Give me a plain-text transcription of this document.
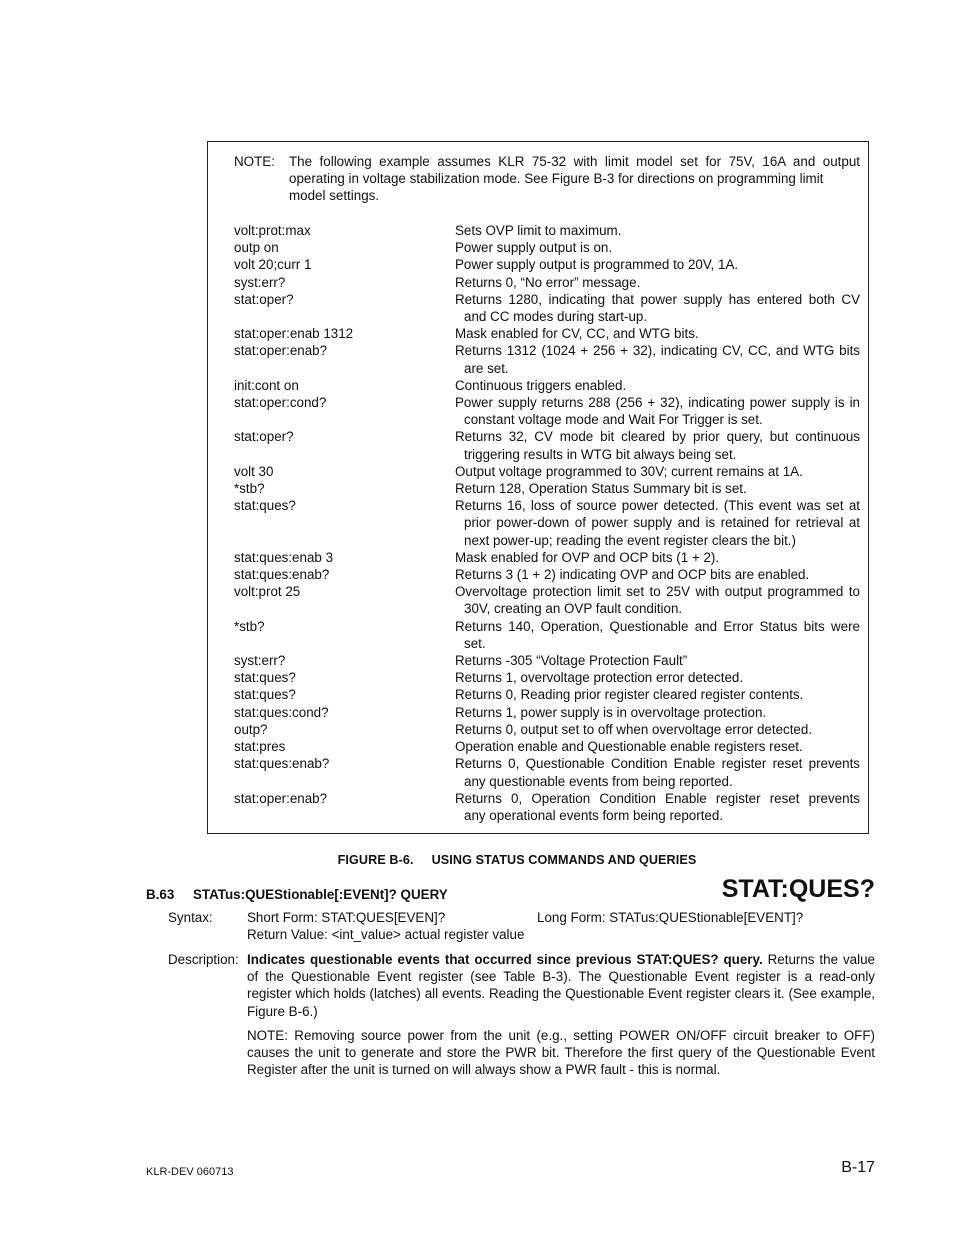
NOTE: The following example assumes KLR 75-32 with limit model set for 75V, 16A and output
operating in voltage stabilization mode. See Figure B-3 for directions on programming limit model settings.
volt:prot:max	Sets OVP limit to maximum.
outp on	Power supply output is on.
volt 20;curr 1	Power supply output is programmed to 20V, 1A.
syst:err?	Returns 0, “No error” message.
stat:oper?	Returns 1280, indicating that power supply has entered both CV
and CC modes during start-up.
stat:oper:enab 1312	Mask enabled for CV, CC, and WTG bits.
stat:oper:enab?	Returns 1312 (1024 + 256 + 32), indicating CV, CC, and WTG bits
are set.
init:cont on	Continuous triggers enabled.
stat:oper:cond?	Power supply returns 288 (256 + 32), indicating power supply is in
constant voltage mode and Wait For Trigger is set.
stat:oper?	Returns 32, CV mode bit cleared by prior query, but continuous
triggering results in WTG bit always being set.
volt 30	Output voltage programmed to 30V; current remains at 1A.
*stb?	Return 128, Operation Status Summary bit is set.
stat:ques?	Returns 16, loss of source power detected. (This event was set at
prior power-down of power supply and is retained for retrieval at next power-up; reading the event register clears the bit.)
stat:ques:enab 3	Mask enabled for OVP and OCP bits (1 + 2).
stat:ques:enab?	Returns 3 (1 + 2) indicating OVP and OCP bits are enabled.
volt:prot 25	Overvoltage protection limit set to 25V with output programmed to
30V, creating an OVP fault condition.
*stb?	Returns 140, Operation, Questionable and Error Status bits were
set.
syst:err?	Returns -305 “Voltage Protection Fault”
stat:ques?	Returns 1, overvoltage protection error detected.
stat:ques?	Returns 0, Reading prior register cleared register contents.
stat:ques:cond?	Returns 1, power supply is in overvoltage protection.
outp?	Returns 0, output set to off when overvoltage error detected.
stat:pres	Operation enable and Questionable enable registers reset.
stat:ques:enab?	Returns 0, Questionable Condition Enable register reset prevents
any questionable events from being reported.
stat:oper:enab?	Returns 0, Operation Condition Enable register reset prevents
any operational events form being reported.
FIGURE B-6. USING STATUS COMMANDS AND QUERIES
B.63 STATus:QUEStionable[:EVENt]? QUERY	STAT:QUES?
Syntax:	Short Form: STAT:QUES[EVEN]?	Long Form: STATus:QUEStionable[EVENT]?
Return Value: <int_value> actual register value
Description: Indicates questionable events that occurred since previous STAT:QUES? query. Returns the value of the Questionable Event register (see Table B-3). The Questionable Event register is a read-only register which holds (latches) all events. Reading the Questionable Event register clears it. (See example, Figure B-6.)
NOTE: Removing source power from the unit (e.g., setting POWER ON/OFF circuit breaker to OFF) causes the unit to generate and store the PWR bit. Therefore the first query of the Questionable Event Register after the unit is turned on will always show a PWR fault - this is normal.
KLR-DEV 060713	B-17
